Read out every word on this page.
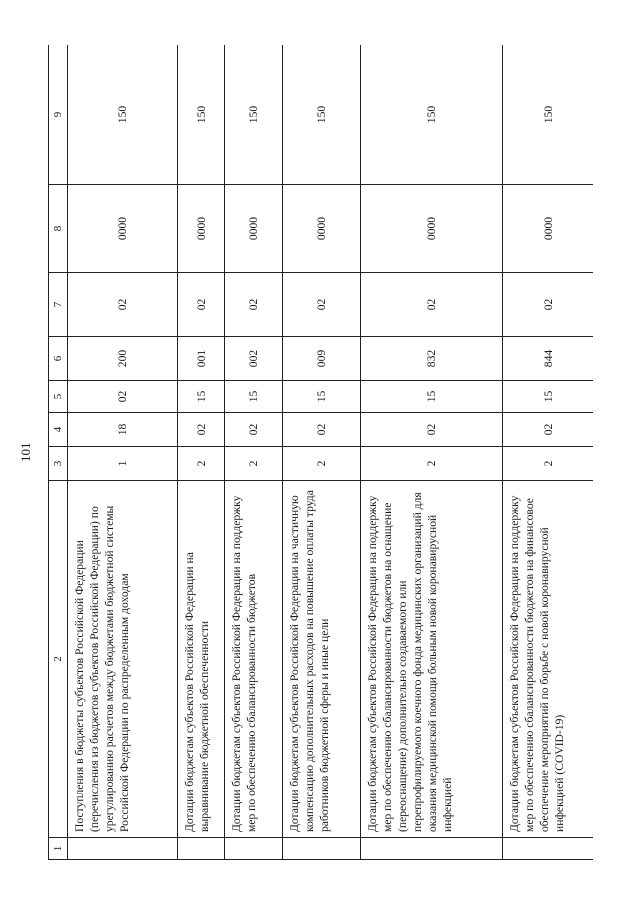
101
1	2	3	4	5	6	7	8	9
	Поступления в бюджеты субъектов Российской Федерации (перечисления из бюджетов субъектов Российской Федерации) по урегулированию расчетов между бюджетами бюджетной системы Российской Федерации по распределенным доходам	1	18	02	200	02	0000	150
	Дотации бюджетам субъектов Российской Федерации на выравнивание бюджетной обеспеченности	2	02	15	001	02	0000	150
	Дотации бюджетам субъектов Российской Федерации на поддержку мер по обеспечению сбалансированности бюджетов	2	02	15	002	02	0000	150
	Дотации бюджетам субъектов Российской Федерации на частичную компенсацию дополнительных расходов на повышение оплаты труда работников бюджетной сферы и иные цели	2	02	15	009	02	0000	150
	Дотации бюджетам субъектов Российской Федерации на поддержку мер по обеспечению сбалансированности бюджетов на оснащение (переоснащение) дополнительно создаваемого или перепрофилируемого коечного фонда медицинских организаций для оказания медицинской помощи больным новой коронавирусной инфекцией	2	02	15	832	02	0000	150
	Дотации бюджетам субъектов Российской Федерации на поддержку мер по обеспечению сбалансированности бюджетов на финансовое обеспечение мероприятий по борьбе с новой коронавирусной инфекцией (COVID-19)	2	02	15	844	02	0000	150
